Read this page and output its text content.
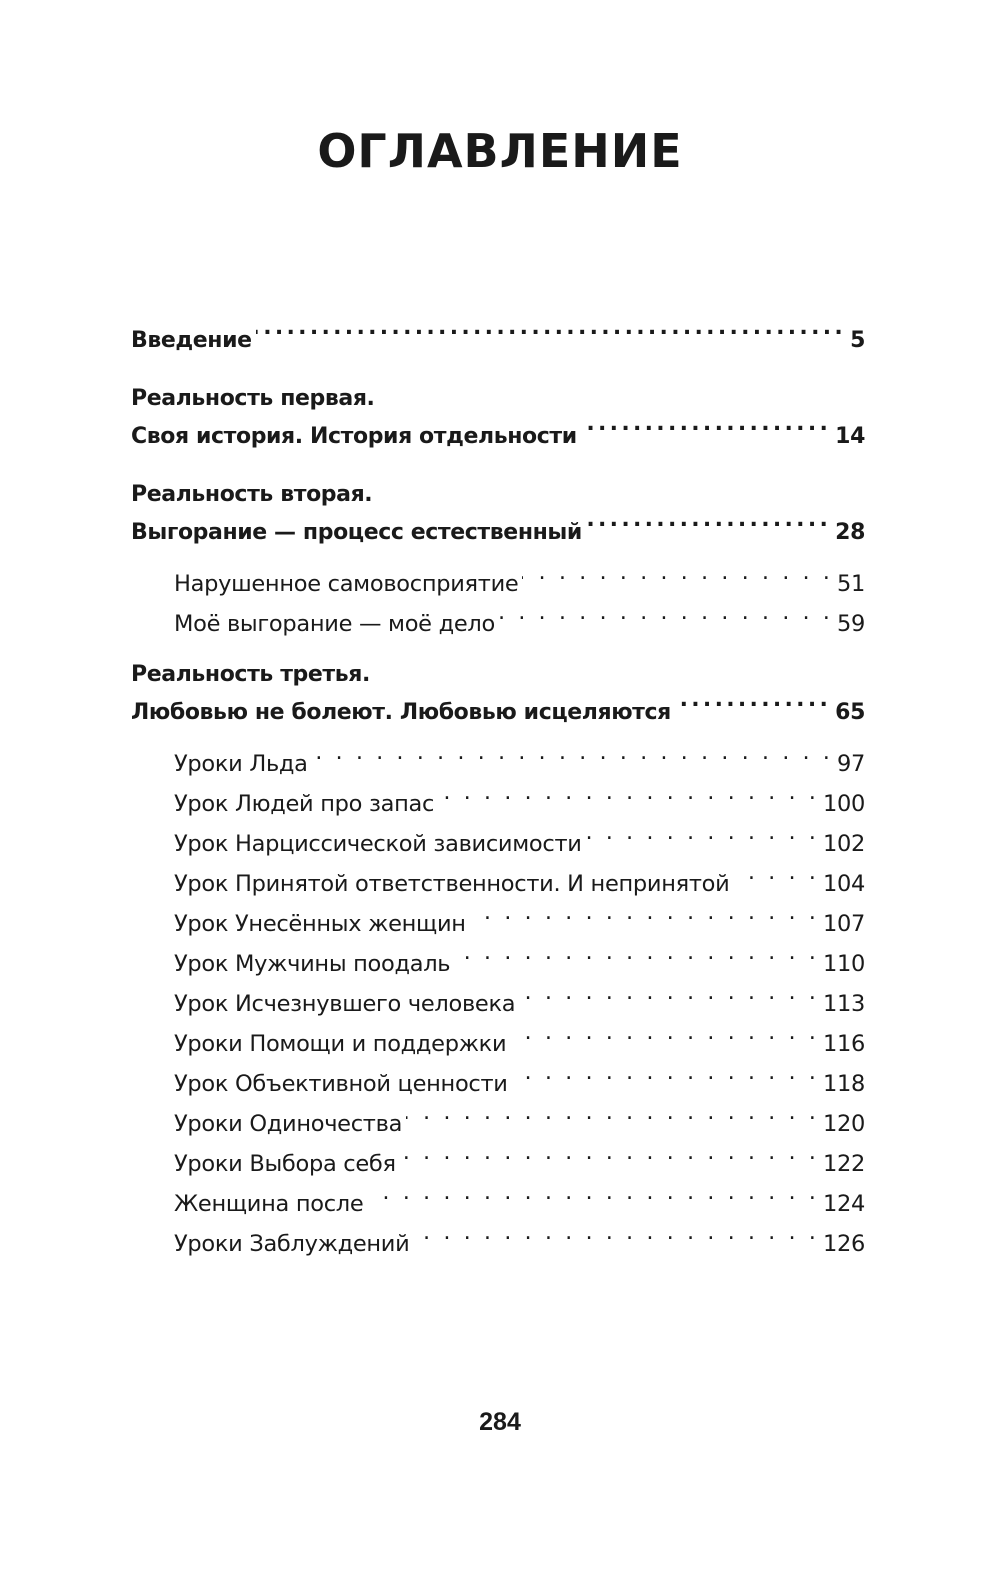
ОГЛАВЛЕНИЕ
Введение .....	5
Реальность первая.
Своя история. История отдельности .....	14
Реальность вторая.
Выгорание — процесс естественный .....	28
Нарушенное самовосприятие . . .	51
Моё выгорание — моё дело . . .	59
Реальность третья.
Любовью не болеют. Любовью исцеляются .....	65
Уроки Льда . . .	97
Урок Людей про запас . . .	100
Урок Нарциссической зависимости . . .	102
Урок Принятой ответственности. И непринятой . . .	104
Урок Унесённых женщин . . .	107
Урок Мужчины поодаль . . .	110
Урок Исчезнувшего человека . . .	113
Уроки Помощи и поддержки . . .	116
Урок Объективной ценности . . .	118
Уроки Одиночества . . .	120
Уроки Выбора себя . . .	122
Женщина после . . .	124
Уроки Заблуждений . . .	126
284
